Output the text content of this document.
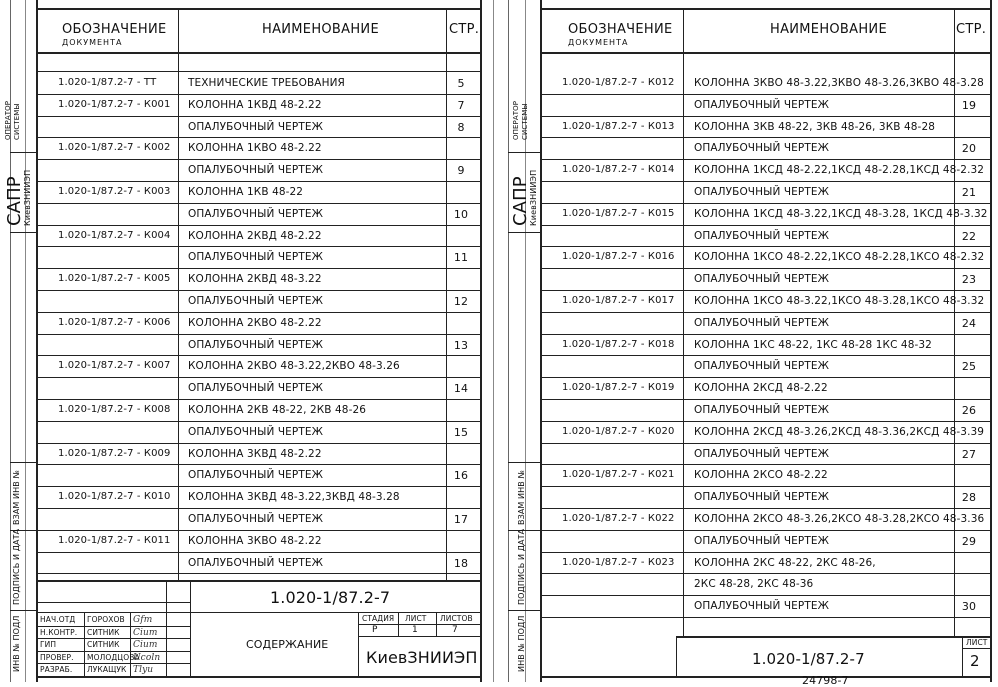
ОБОЗНАЧЕНИЕ
ДОКУМЕНТА
НАИМЕНОВАНИЕ	СТР.
1.020-1/87.2-7 - ТТ	ТЕХНИЧЕСКИЕ ТРЕБОВАНИЯ	5
1.020-1/87.2-7 - К001 КОЛОННА 1КВД 48-2.22	7
ОПАЛУБОЧНЫЙ ЧЕРТЕЖ	8
1.020-1/87.2-7 - К002 КОЛОННА 1КВО 48-2.22
ОПАЛУБОЧНЫЙ ЧЕРТЕЖ	9
1.020-1/87.2-7 - К003 КОЛОННА 1КВ 48-22
ОПАЛУБОЧНЫЙ ЧЕРТЕЖ	10
1.020-1/87.2-7 - К004 КОЛОННА 2КВД 48-2.22
ОПАЛУБОЧНЫЙ ЧЕРТЕЖ	11
1.020-1/87.2-7 - К005 КОЛОННА 2КВД 48-3.22
ОПАЛУБОЧНЫЙ ЧЕРТЕЖ	12
1.020-1/87.2-7 - К006 КОЛОННА 2КВО 48-2.22
ОПАЛУБОЧНЫЙ ЧЕРТЕЖ	13
1.020-1/87.2-7 - К007 КОЛОННА 2КВО 48-3.22,2КВО 48-3.26
ОПАЛУБОЧНЫЙ ЧЕРТЕЖ	14
1.020-1/87.2-7 - К008 КОЛОННА 2КВ 48-22, 2КВ 48-26
ОПАЛУБОЧНЫЙ ЧЕРТЕЖ	15
1.020-1/87.2-7 - К009 КОЛОННА 3КВД 48-2.22
ОПАЛУБОЧНЫЙ ЧЕРТЕЖ	16
1.020-1/87.2-7 - К010 КОЛОННА 3КВД 48-3.22,3КВД 48-3.28
ОПАЛУБОЧНЫЙ ЧЕРТЕЖ	17
1.020-1/87.2-7 - К011 КОЛОННА 3КВО 48-2.22
ОПАЛУБОЧНЫЙ ЧЕРТЕЖ	18
ОПЕРАТОР СИСТЕМЫ
САПР
КиевЗНИИЭП
ВЗАМ ИНВ №
ПОДПИСЬ И ДАТА
ИНВ № ПОДЛ
1.020-1/87.2-7
СОДЕРЖАНИЕ
СТАДИЯ ЛИСТ ЛИСТОВ
Р	1	7
КиевЗНИИЭП
НАЧ.ОТД ГОРОХОВ Gfm
Н.КОНТР. СИТНИК Cium
ГИП	СИТНИК Cium
ПРОВЕР. МОЛОДЦОВА
Ucoln
РАЗРАБ. ЛУКАЩУК Tlyu
ОБОЗНАЧЕНИЕ
ДОКУМЕНТА
НАИМЕНОВАНИЕ	СТР.
1.020-1/87.2-7 - К012 КОЛОННА 3КВО 48-3.22,3КВО 48-3.26,3КВО 48-3.28
ОПАЛУБОЧНЫЙ ЧЕРТЕЖ	19
1.020-1/87.2-7 - К013 КОЛОННА 3КВ 48-22, 3КВ 48-26, 3КВ 48-28
ОПАЛУБОЧНЫЙ ЧЕРТЕЖ	20
1.020-1/87.2-7 - К014 КОЛОННА 1КСД 48-2.22,1КСД 48-2.28,1КСД 48-2.32
ОПАЛУБОЧНЫЙ ЧЕРТЕЖ	21
1.020-1/87.2-7 - К015 КОЛОННА 1КСД 48-3.22,1КСД 48-3.28, 1КСД 48-3.32
ОПАЛУБОЧНЫЙ ЧЕРТЕЖ	22
1.020-1/87.2-7 - К016 КОЛОННА 1КСО 48-2.22,1КСО 48-2.28,1КСО 48-2.32
ОПАЛУБОЧНЫЙ ЧЕРТЕЖ	23
1.020-1/87.2-7 - К017 КОЛОННА 1КСО 48-3.22,1КСО 48-3.28,1КСО 48-3.32
ОПАЛУБОЧНЫЙ ЧЕРТЕЖ	24
1.020-1/87.2-7 - К018 КОЛОННА 1КС 48-22, 1КС 48-28 1КС 48-32
ОПАЛУБОЧНЫЙ ЧЕРТЕЖ	25
1.020-1/87.2-7 - К019 КОЛОННА 2КСД 48-2.22
ОПАЛУБОЧНЫЙ ЧЕРТЕЖ	26
1.020-1/87.2-7 - К020 КОЛОННА 2КСД 48-3.26,2КСД 48-3.36,2КСД 48-3.39
ОПАЛУБОЧНЫЙ ЧЕРТЕЖ	27
1.020-1/87.2-7 - К021 КОЛОННА 2КСО 48-2.22
ОПАЛУБОЧНЫЙ ЧЕРТЕЖ	28
1.020-1/87.2-7 - К022 КОЛОННА 2КСО 48-3.26,2КСО 48-3.28,2КСО 48-3.36
ОПАЛУБОЧНЫЙ ЧЕРТЕЖ	29
1.020-1/87.2-7 - К023 КОЛОННА 2КС 48-22, 2КС 48-26,
2КС 48-28, 2КС 48-36
ОПАЛУБОЧНЫЙ ЧЕРТЕЖ	30
ОПЕРАТОР СИСТЕМЫ
САПР
КиевЗНИИЭП
ВЗАМ ИНВ №
ПОДПИСЬ И ДАТА
ИНВ № ПОДЛ	1.020-1/87.2-7
ЛИСТ
2
24798-7
